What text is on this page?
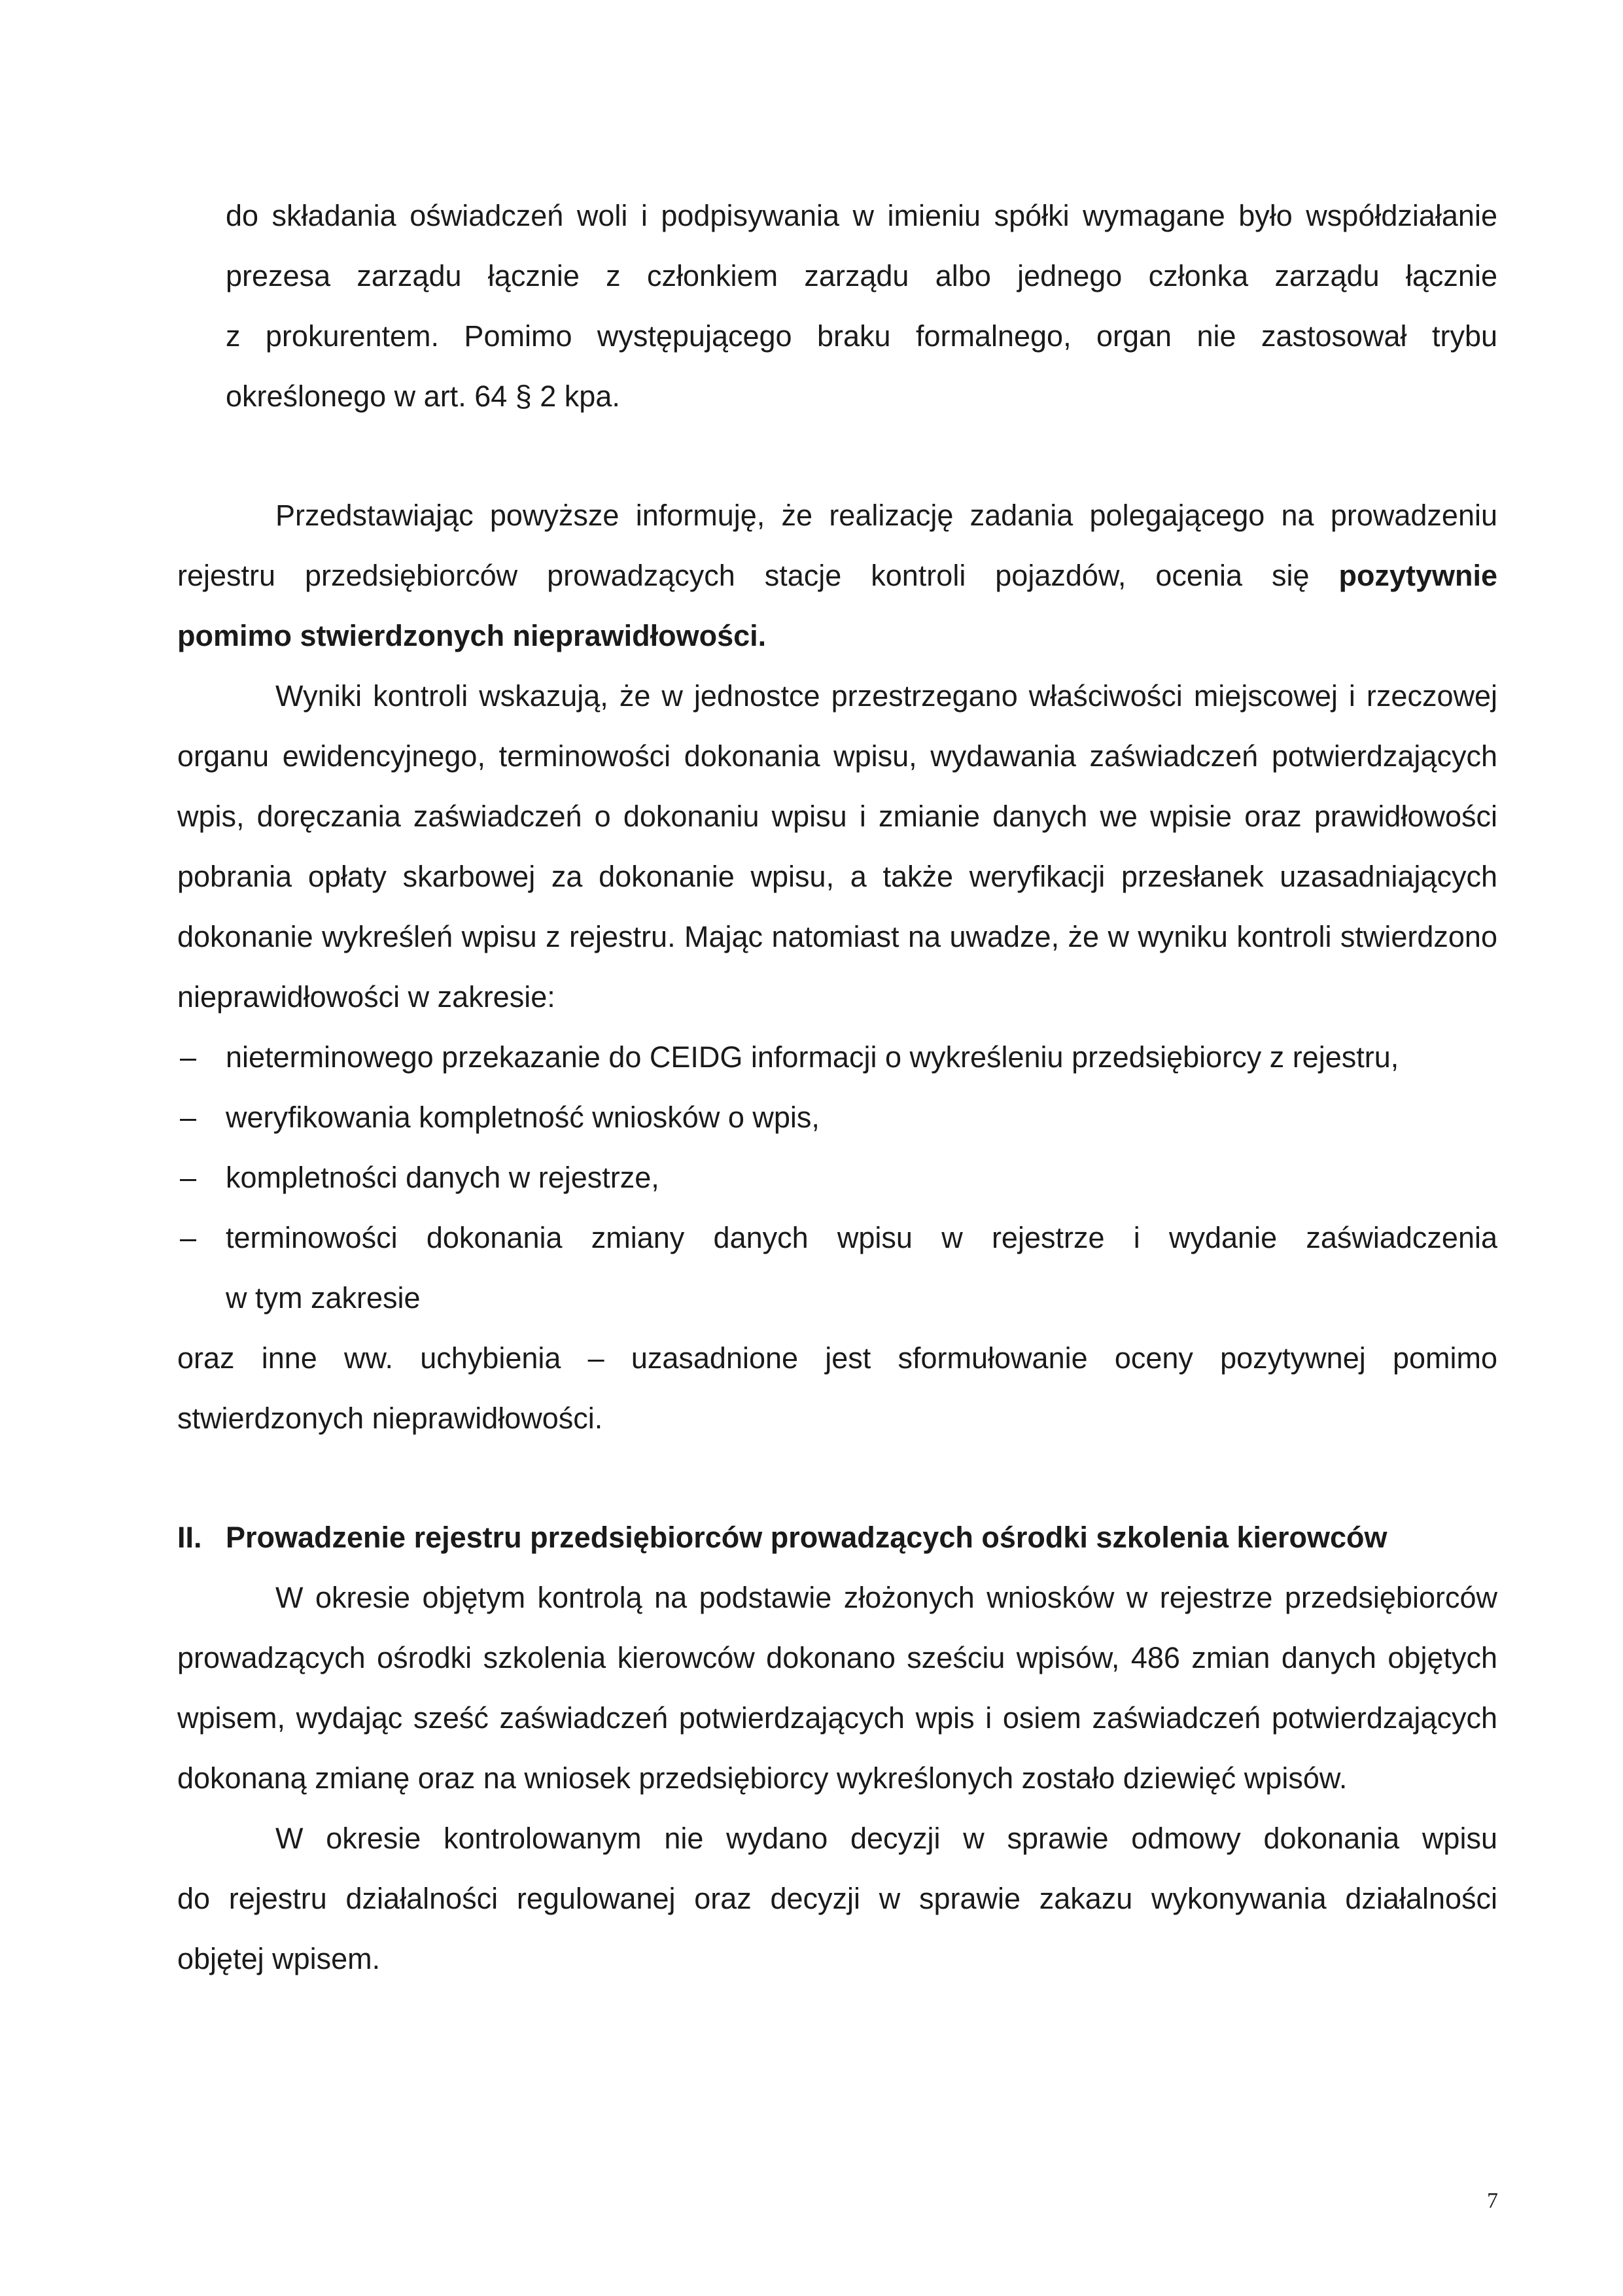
do składania oświadczeń woli i podpisywania w imieniu spółki wymagane było współdziałanie
prezesa zarządu łącznie z członkiem zarządu albo jednego członka zarządu łącznie
z prokurentem. Pomimo występującego braku formalnego, organ nie zastosował trybu
określonego w art. 64 § 2 kpa.
Przedstawiając powyższe informuję, że realizację zadania polegającego na prowadzeniu
rejestru przedsiębiorców prowadzących stacje kontroli pojazdów, ocenia się pozytywnie
pomimo stwierdzonych nieprawidłowości.
Wyniki kontroli wskazują, że w jednostce przestrzegano właściwości miejscowej i rzeczowej
organu ewidencyjnego, terminowości dokonania wpisu, wydawania zaświadczeń potwierdzających
wpis, doręczania zaświadczeń o dokonaniu wpisu i zmianie danych we wpisie oraz prawidłowości
pobrania opłaty skarbowej za dokonanie wpisu, a także weryfikacji przesłanek uzasadniających
dokonanie wykreśleń wpisu z rejestru. Mając natomiast na uwadze, że w wyniku kontroli stwierdzono
nieprawidłowości w zakresie:
– nieterminowego przekazanie do CEIDG informacji o wykreśleniu przedsiębiorcy z rejestru,
– weryfikowania kompletność wniosków o wpis,
– kompletności danych w rejestrze,
– terminowości dokonania zmiany danych wpisu w rejestrze i wydanie zaświadczenia
w tym zakresie
oraz inne ww. uchybienia – uzasadnione jest sformułowanie oceny pozytywnej pomimo
stwierdzonych nieprawidłowości.
II. Prowadzenie rejestru przedsiębiorców prowadzących ośrodki szkolenia kierowców
W okresie objętym kontrolą na podstawie złożonych wniosków w rejestrze przedsiębiorców
prowadzących ośrodki szkolenia kierowców dokonano sześciu wpisów, 486 zmian danych objętych
wpisem, wydając sześć zaświadczeń potwierdzających wpis i osiem zaświadczeń potwierdzających
dokonaną zmianę oraz na wniosek przedsiębiorcy wykreślonych zostało dziewięć wpisów.
W okresie kontrolowanym nie wydano decyzji w sprawie odmowy dokonania wpisu
do rejestru działalności regulowanej oraz decyzji w sprawie zakazu wykonywania działalności
objętej wpisem.
7
